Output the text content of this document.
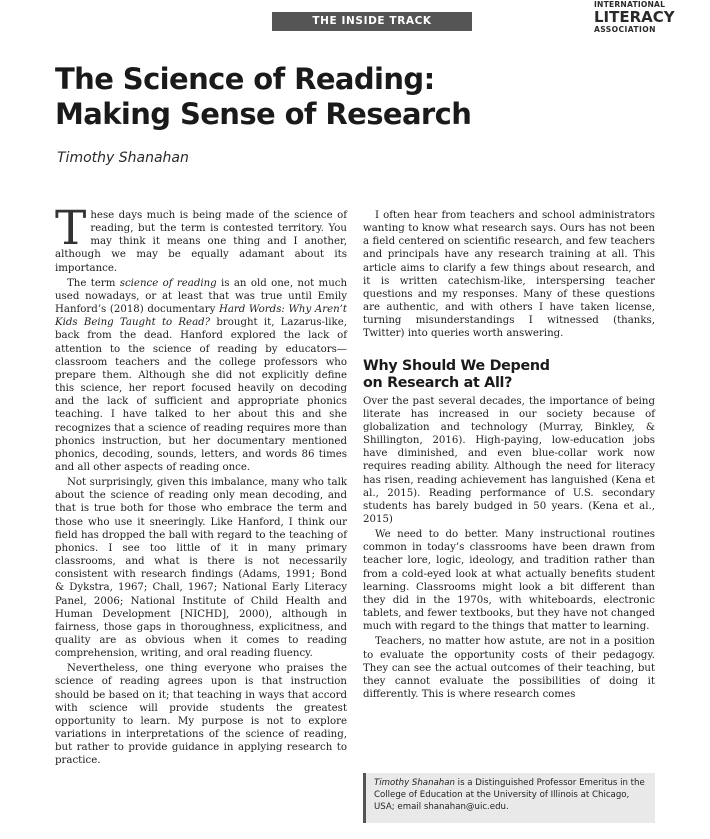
THE INSIDE TRACK
INTERNATIONAL
LITERACY
ASSOCIATION
The Science of Reading:
Making Sense of Research
Timothy Shanahan

These days much is being made of the science of reading, but the term is contested territory. You may think it means one thing and I another, although we may be equally adamant about its importance.

The term science of reading is an old one, not much used nowadays, or at least that was true until Emily Hanford’s (2018) documentary Hard Words: Why Aren’t Kids Being Taught to Read? brought it, Lazarus-like, back from the dead. Hanford explored the lack of attention to the science of reading by educators—classroom teachers and the college professors who prepare them. Although she did not explicitly define this science, her report focused heavily on decoding and the lack of sufficient and appropriate phonics teaching. I have talked to her about this and she recognizes that a science of reading requires more than phonics instruction, but her documentary mentioned phonics, decoding, sounds, letters, and words 86 times and all other aspects of reading once.

Not surprisingly, given this imbalance, many who talk about the science of reading only mean decoding, and that is true both for those who embrace the term and those who use it sneeringly. Like Hanford, I think our field has dropped the ball with regard to the teaching of phonics. I see too little of it in many primary classrooms, and what is there is not necessarily consistent with research findings (Adams, 1991; Bond & Dykstra, 1967; Chall, 1967; National Early Literacy Panel, 2006; National Institute of Child Health and Human Development [NICHD], 2000), although in fairness, those gaps in thoroughness, explicitness, and quality are as obvious when it comes to reading comprehension, writing, and oral reading fluency.

Nevertheless, one thing everyone who praises the science of reading agrees upon is that instruction should be based on it; that teaching in ways that accord with science will provide students the greatest opportunity to learn. My purpose is not to explore variations in interpretations of the science of reading, but rather to provide guidance in applying research to practice.

I often hear from teachers and school administrators wanting to know what research says. Ours has not been a field centered on scientific research, and few teachers and principals have any research training at all. This article aims to clarify a few things about research, and it is written catechism-like, interspersing teacher questions and my responses. Many of these questions are authentic, and with others I have taken license, turning misunderstandings I witnessed (thanks, Twitter) into queries worth answering.

Why Should We Depend
on Research at All?

Over the past several decades, the importance of being literate has increased in our society because of globalization and technology (Murray, Binkley, & Shillington, 2016). High-paying, low-education jobs have diminished, and even blue-collar work now requires reading ability. Although the need for literacy has risen, reading achievement has languished (Kena et al., 2015). Reading performance of U.S. secondary students has barely budged in 50 years. (Kena et al., 2015)

We need to do better. Many instructional routines common in today’s classrooms have been drawn from teacher lore, logic, ideology, and tradition rather than from a cold-eyed look at what actually benefits student learning. Classrooms might look a bit different than they did in the 1970s, with whiteboards, electronic tablets, and fewer textbooks, but they have not changed much with regard to the things that matter to learning.

Teachers, no matter how astute, are not in a position to evaluate the opportunity costs of their pedagogy. They can see the actual outcomes of their teaching, but they cannot evaluate the possibilities of doing it differently. This is where research comes

Timothy Shanahan is a Distinguished Professor Emeritus in the College of Education at the University of Illinois at Chicago, USA; email shanahan@uic.edu.
